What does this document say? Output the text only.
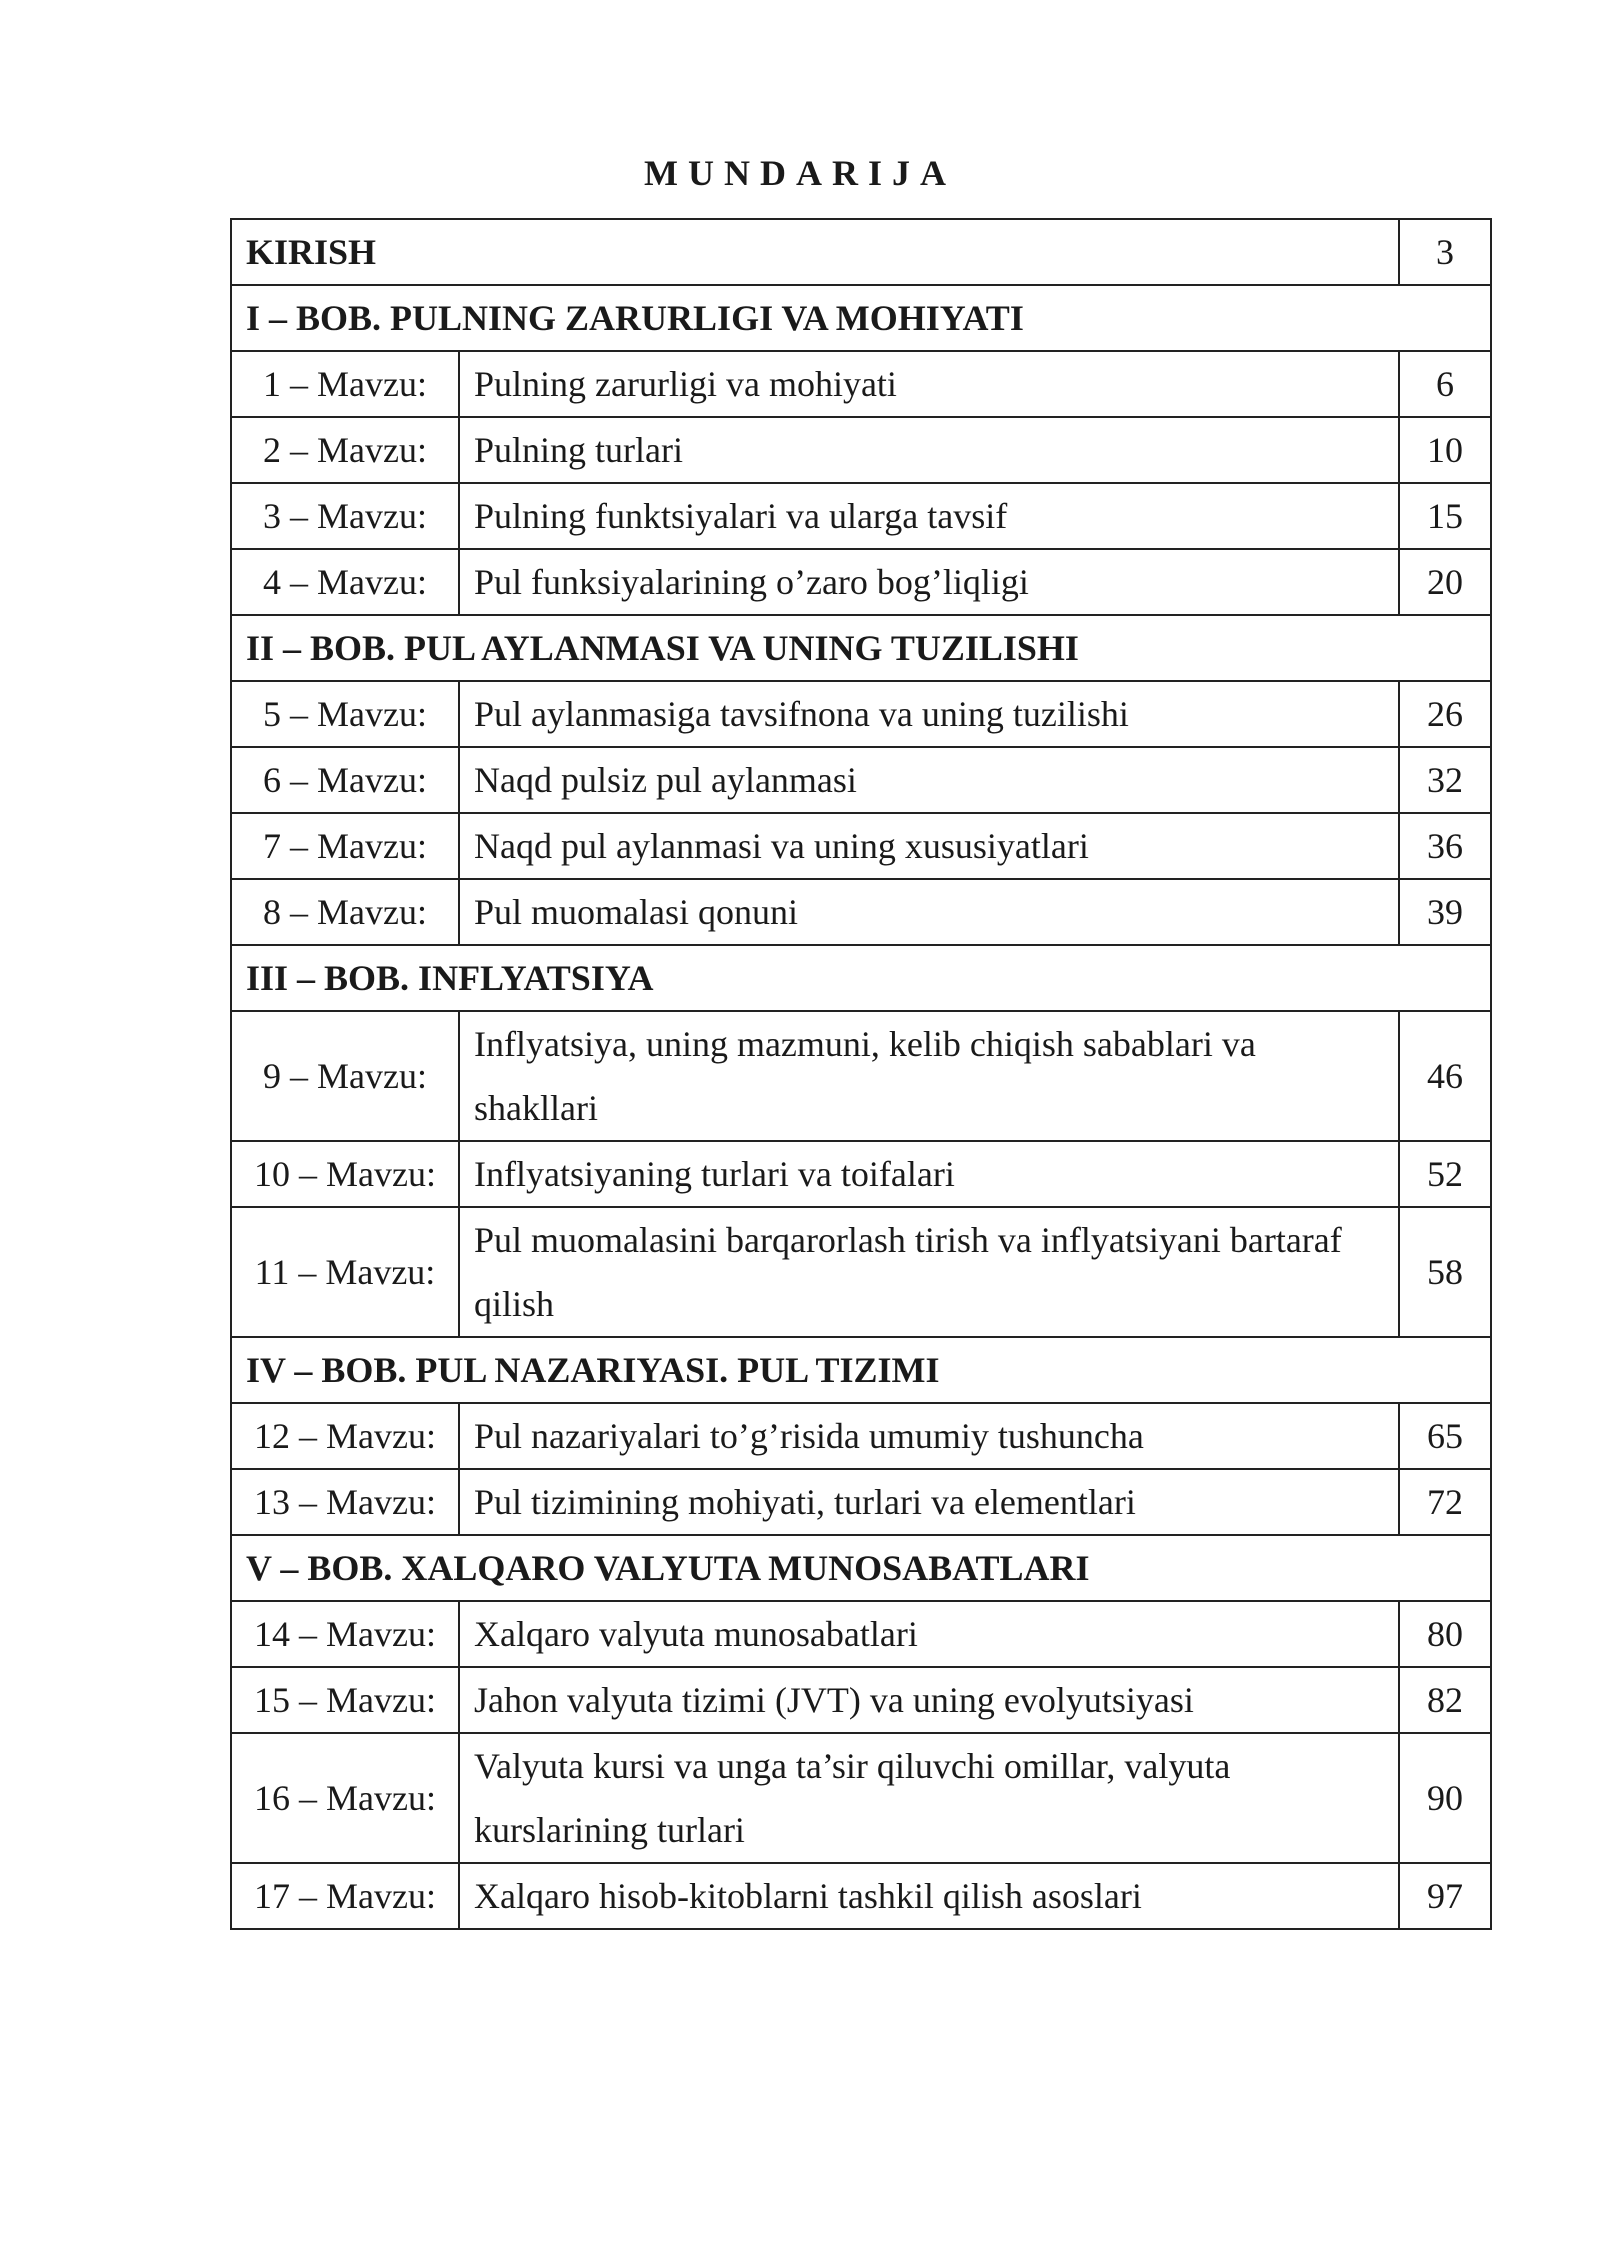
MUNDARIJA
KIRISH		3
I – BOB. PULNING ZARURLIGI VA MOHIYATI		
1 – Mavzu:	Pulning zarurligi va mohiyati	6
2 – Mavzu:	Pulning turlari	10
3 – Mavzu:	Pulning funktsiyalari va ularga tavsif	15
4 – Mavzu:	Pul funksiyalarining o’zaro bog’liqligi	20
II – BOB. PUL AYLANMASI VA UNING TUZILISHI		
5 – Mavzu:	Pul aylanmasiga tavsifnona va uning tuzilishi	26
6 – Mavzu:	Naqd pulsiz pul aylanmasi	32
7 – Mavzu:	Naqd pul aylanmasi va uning xususiyatlari	36
8 – Mavzu:	Pul muomalasi qonuni	39
III – BOB. INFLYATSIYA		
9 – Mavzu:	Inflyatsiya, uning mazmuni, kelib chiqish sabablari va shakllari	46
10 – Mavzu:	Inflyatsiyaning turlari va toifalari	52
11 – Mavzu:	Pul muomalasini barqarorlash tirish va inflyatsiyani bartaraf qilish	58
IV – BOB. PUL NAZARIYASI. PUL TIZIMI		
12 – Mavzu:	Pul nazariyalari to’g’risida umumiy tushuncha	65
13 – Mavzu:	Pul tizimining mohiyati, turlari va elementlari	72
V – BOB. XALQARO VALYUTA MUNOSABATLARI		
14 – Mavzu:	Xalqaro valyuta munosabatlari	80
15 – Mavzu:	Jahon valyuta tizimi (JVT) va uning evolyutsiyasi	82
16 – Mavzu:	Valyuta kursi va unga ta’sir qiluvchi omillar, valyuta kurslarining turlari	90
17 – Mavzu:	Xalqaro hisob-kitoblarni tashkil qilish asoslari	97
